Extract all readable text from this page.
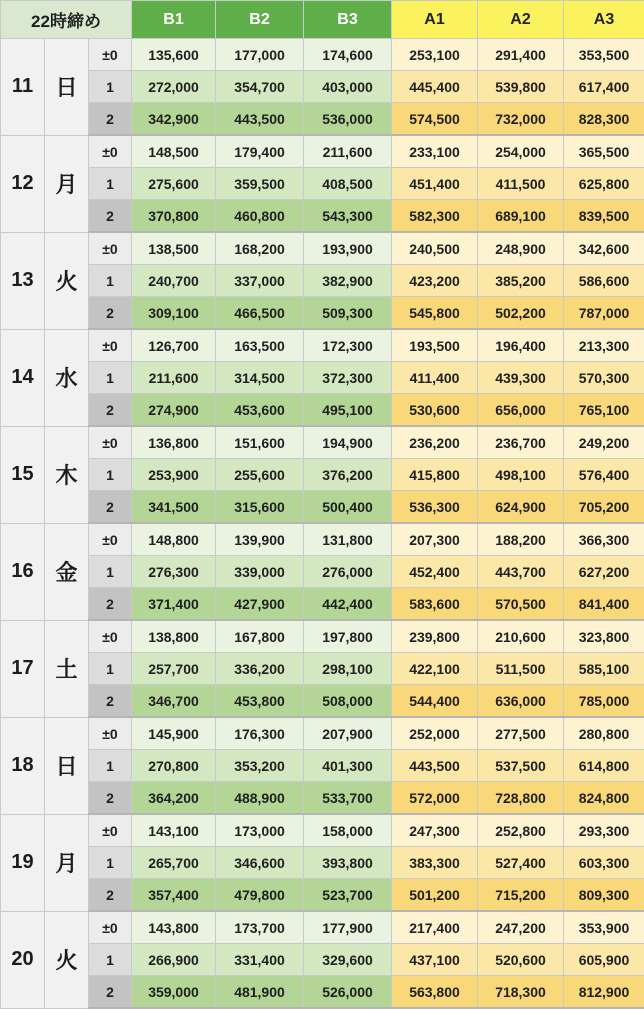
22時締め			B1	B2	B3	A1	A2	A3
11	日	±0	135,600	177,000	174,600	253,100	291,400	353,500
		1	272,000	354,700	403,000	445,400	539,800	617,400
		2	342,900	443,500	536,000	574,500	732,000	828,300
12	月	±0	148,500	179,400	211,600	233,100	254,000	365,500
		1	275,600	359,500	408,500	451,400	411,500	625,800
		2	370,800	460,800	543,300	582,300	689,100	839,500
13	火	±0	138,500	168,200	193,900	240,500	248,900	342,600
		1	240,700	337,000	382,900	423,200	385,200	586,600
		2	309,100	466,500	509,300	545,800	502,200	787,000
14	水	±0	126,700	163,500	172,300	193,500	196,400	213,300
		1	211,600	314,500	372,300	411,400	439,300	570,300
		2	274,900	453,600	495,100	530,600	656,000	765,100
15	木	±0	136,800	151,600	194,900	236,200	236,700	249,200
		1	253,900	255,600	376,200	415,800	498,100	576,400
		2	341,500	315,600	500,400	536,300	624,900	705,200
16	金	±0	148,800	139,900	131,800	207,300	188,200	366,300
		1	276,300	339,000	276,000	452,400	443,700	627,200
		2	371,400	427,900	442,400	583,600	570,500	841,400
17	土	±0	138,800	167,800	197,800	239,800	210,600	323,800
		1	257,700	336,200	298,100	422,100	511,500	585,100
		2	346,700	453,800	508,000	544,400	636,000	785,000
18	日	±0	145,900	176,300	207,900	252,000	277,500	280,800
		1	270,800	353,200	401,300	443,500	537,500	614,800
		2	364,200	488,900	533,700	572,000	728,800	824,800
19	月	±0	143,100	173,000	158,000	247,300	252,800	293,300
		1	265,700	346,600	393,800	383,300	527,400	603,300
		2	357,400	479,800	523,700	501,200	715,200	809,300
20	火	±0	143,800	173,700	177,900	217,400	247,200	353,900
		1	266,900	331,400	329,600	437,100	520,600	605,900
		2	359,000	481,900	526,000	563,800	718,300	812,900
